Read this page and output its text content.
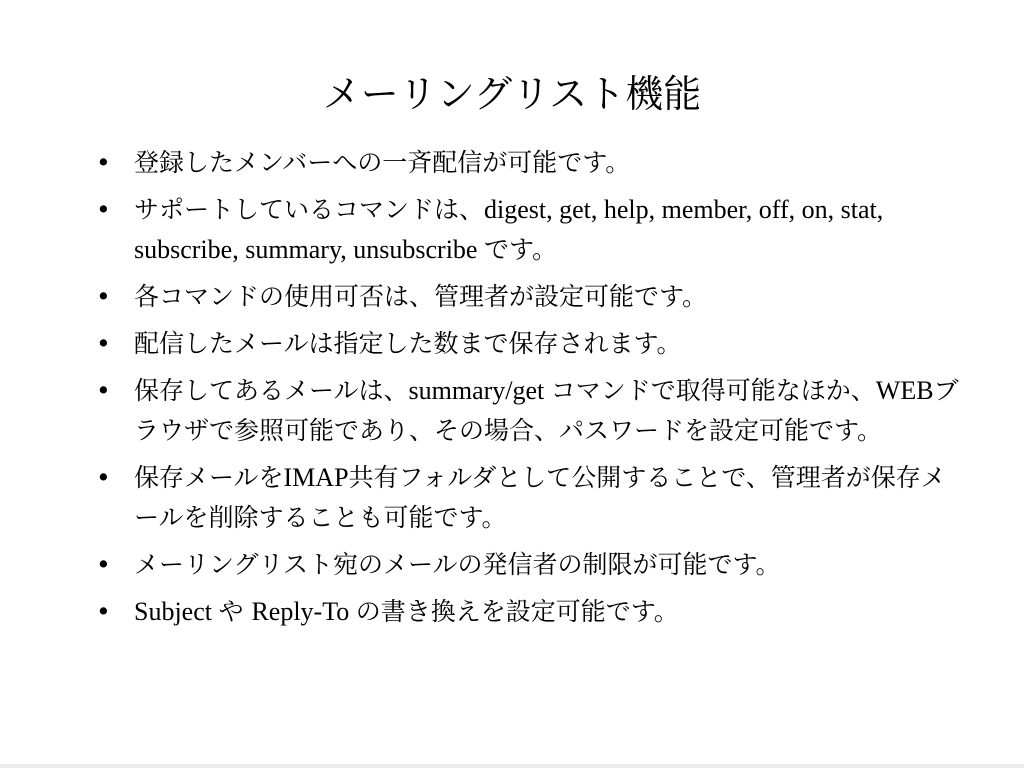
メーリングリスト機能
• 登録したメンバーへの一斉配信が可能です。
• サポートしているコマンドは、digest, get, help, member, off, on, stat, subscribe, summary, unsubscribe です。
• 各コマンドの使用可否は、管理者が設定可能です。
• 配信したメールは指定した数まで保存されます。
• 保存してあるメールは、summary/get コマンドで取得可能なほか、WEBブラウザで参照可能であり、その場合、パスワードを設定可能です。
• 保存メールをIMAP共有フォルダとして公開することで、管理者が保存メールを削除することも可能です。
• メーリングリスト宛のメールの発信者の制限が可能です。
• Subject や Reply-To の書き換えを設定可能です。
